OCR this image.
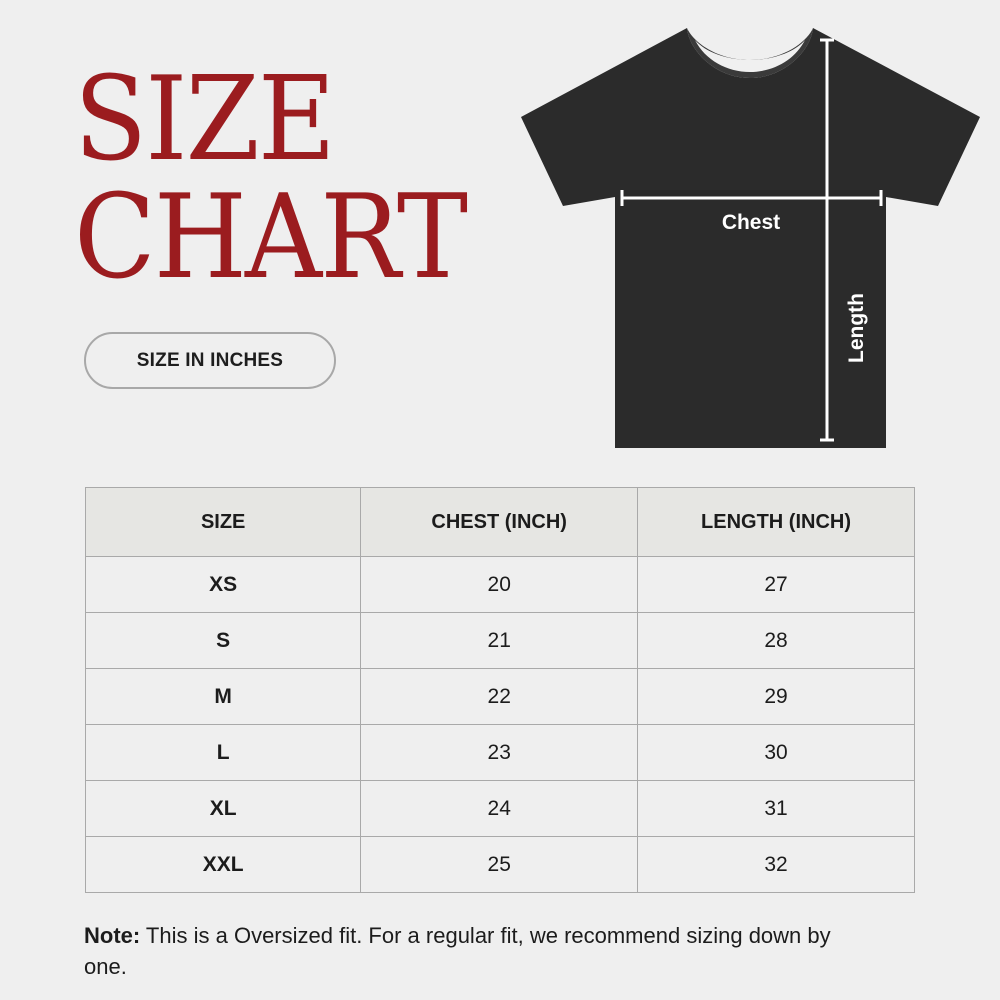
SIZE
CHART
SIZE IN INCHES
Chest
Length
SIZE	CHEST (INCH)	LENGTH (INCH)
XS	20	27
S	21	28
M	22	29
L	23	30
XL	24	31
XXL	25	32

Note: This is a Oversized fit. For a regular fit, we recommend sizing down by one.
